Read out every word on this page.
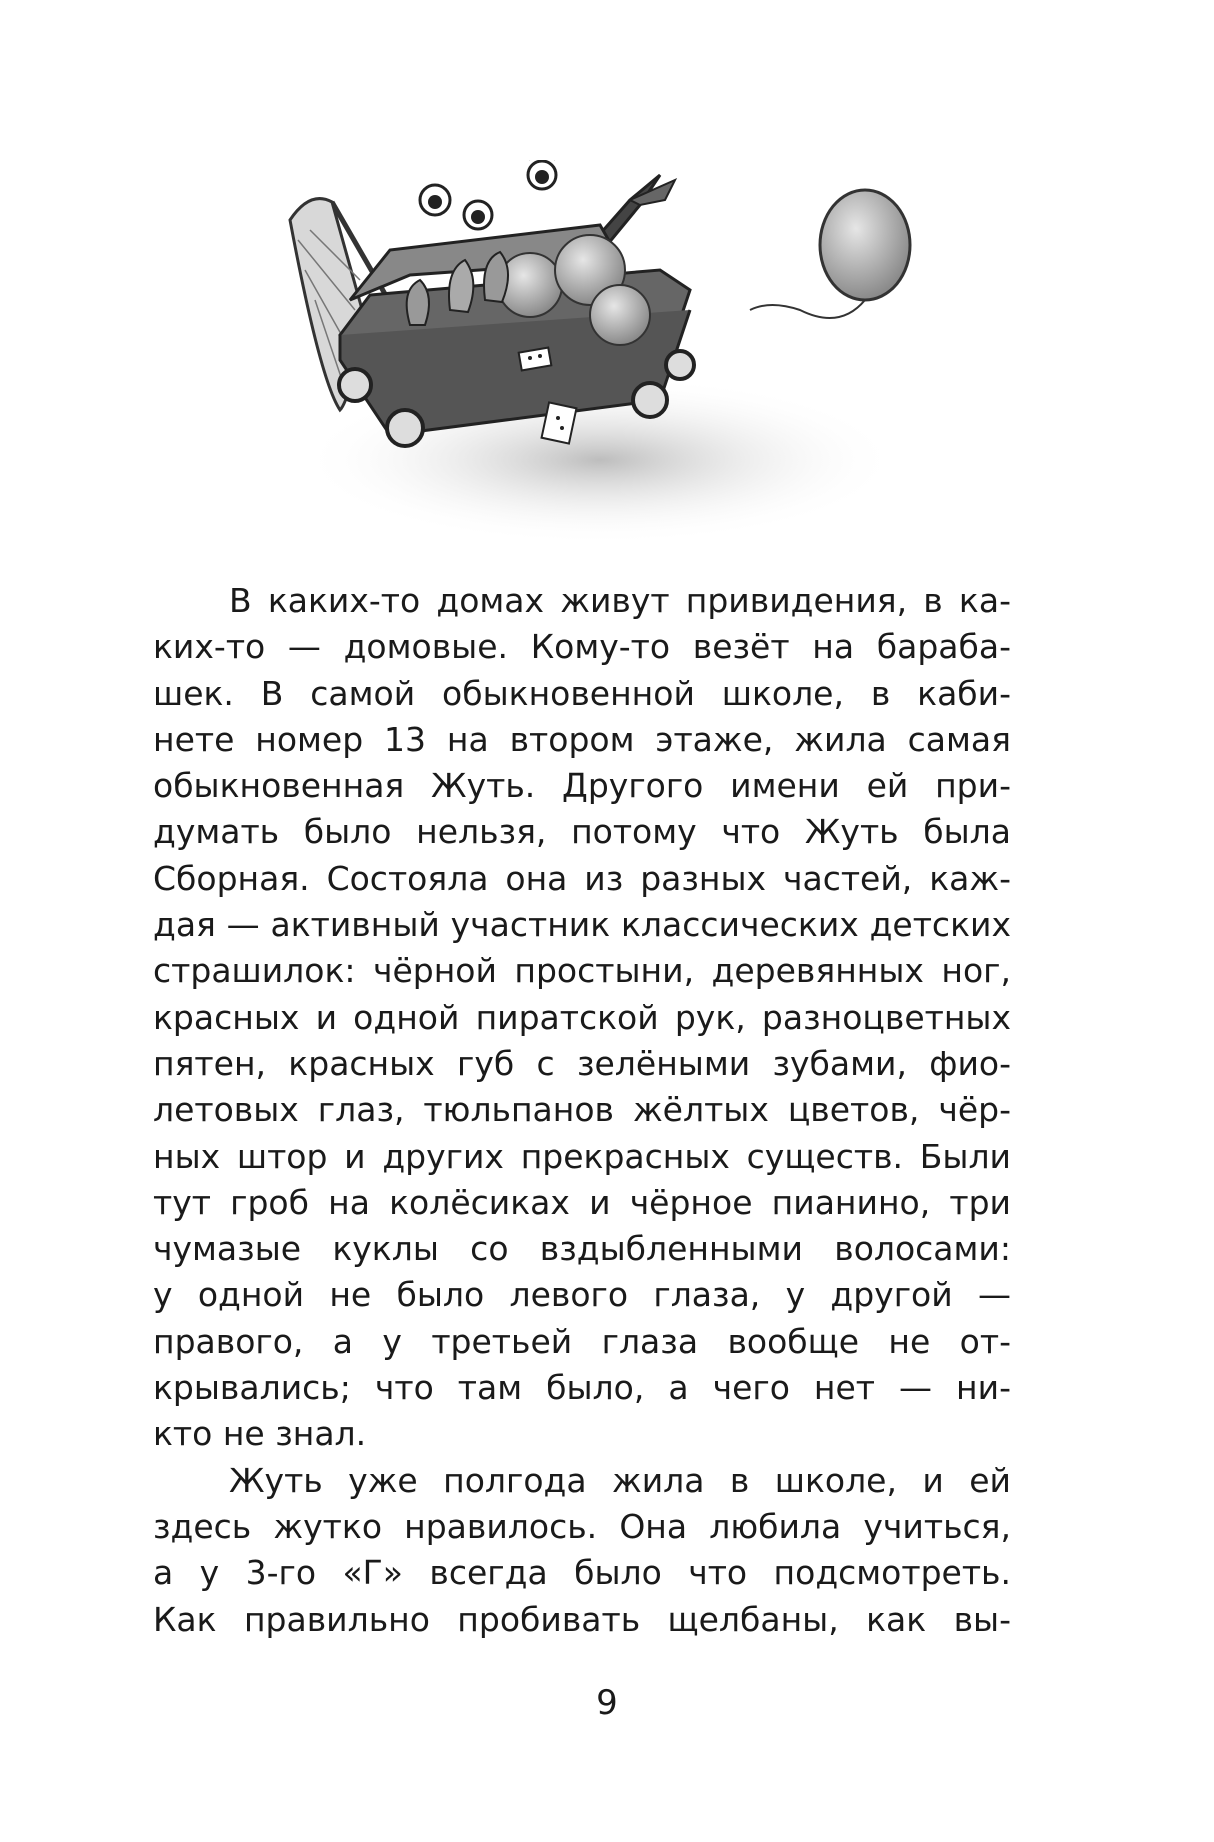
В каких-то домах живут привидения, в ка-
ких-то — домовые. Кому-то везёт на бараба-
шек. В самой обыкновенной школе, в каби-
нете номер 13 на втором этаже, жила самая
обыкновенная Жуть. Другого имени ей при-
думать было нельзя, потому что Жуть была
Сборная. Состояла она из разных частей, каж-
дая — активный участник классических детских
страшилок: чёрной простыни, деревянных ног,
красных и одной пиратской рук, разноцветных
пятен, красных губ с зелёными зубами, фио-
летовых глаз, тюльпанов жёлтых цветов, чёр-
ных штор и других прекрасных существ. Были
тут гроб на колёсиках и чёрное пианино, три
чумазые куклы со вздыбленными волосами:
у одной не было левого глаза, у другой —
правого, а у третьей глаза вообще не от-
крывались; что там было, а чего нет — ни-
кто не знал.
Жуть уже полгода жила в школе, и ей
здесь жутко нравилось. Она любила учиться,
а у 3-го «Г» всегда было что подсмотреть.
Как правильно пробивать щелбаны, как вы-
9
